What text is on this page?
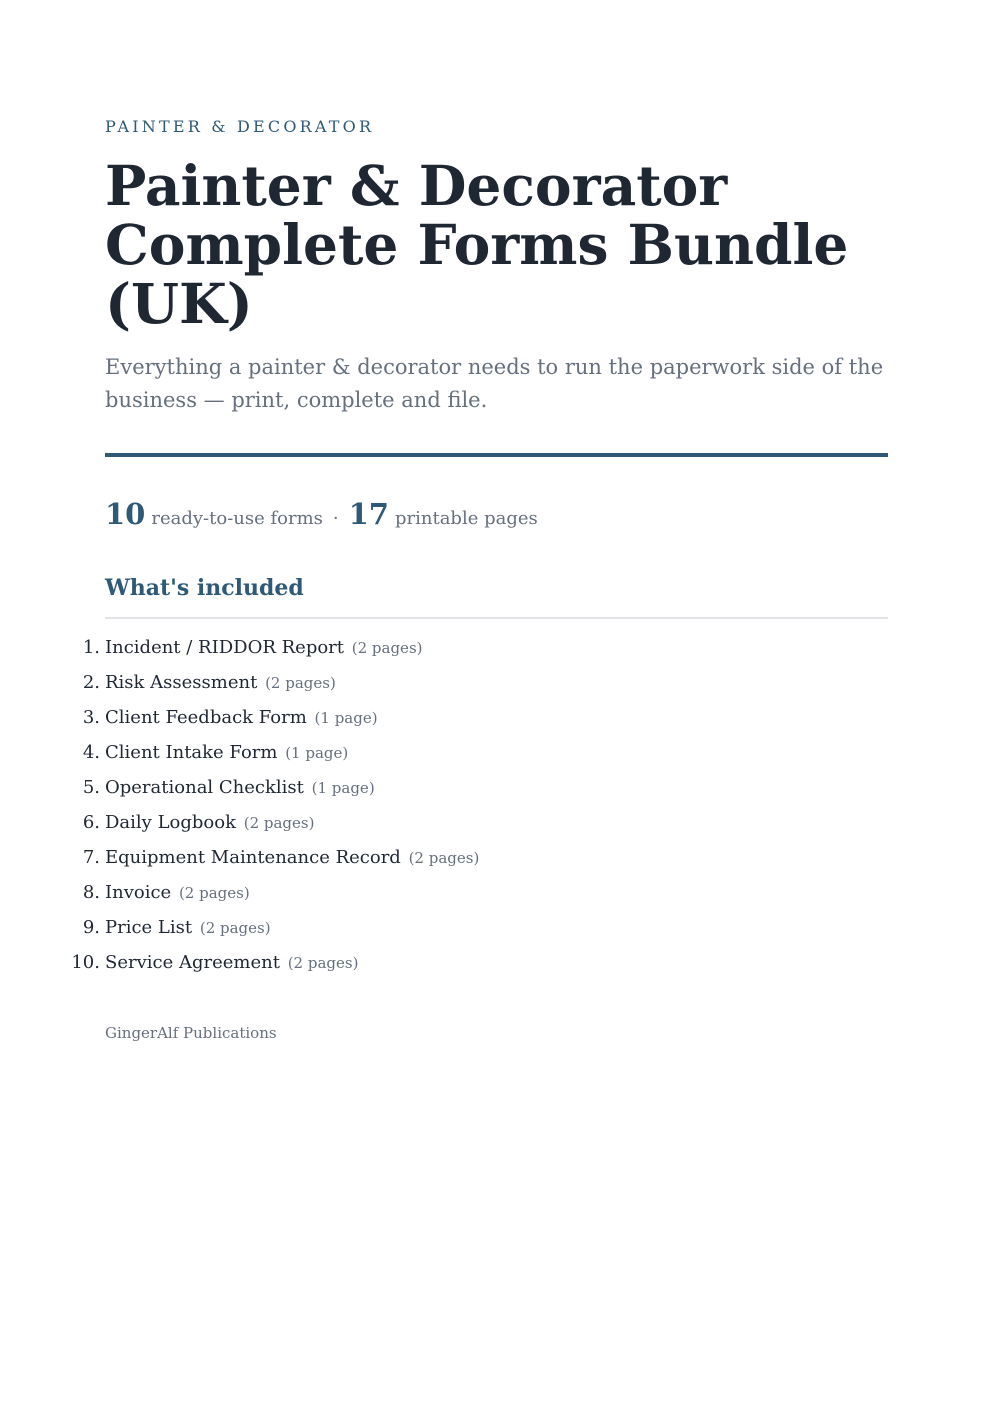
PAINTER & DECORATOR
Painter & Decorator Complete Forms Bundle (UK)

Everything a painter & decorator needs to run the paperwork side of the business — print, complete and file.

10 ready-to-use forms · 17 printable pages
What's included
1. Incident / RIDDOR Report (2 pages)
2. Risk Assessment (2 pages)
3. Client Feedback Form (1 page)
4. Client Intake Form (1 page)
5. Operational Checklist (1 page)
6. Daily Logbook (2 pages)
7. Equipment Maintenance Record (2 pages)
8. Invoice (2 pages)
9. Price List (2 pages)
10. Service Agreement (2 pages)
GingerAlf Publications
